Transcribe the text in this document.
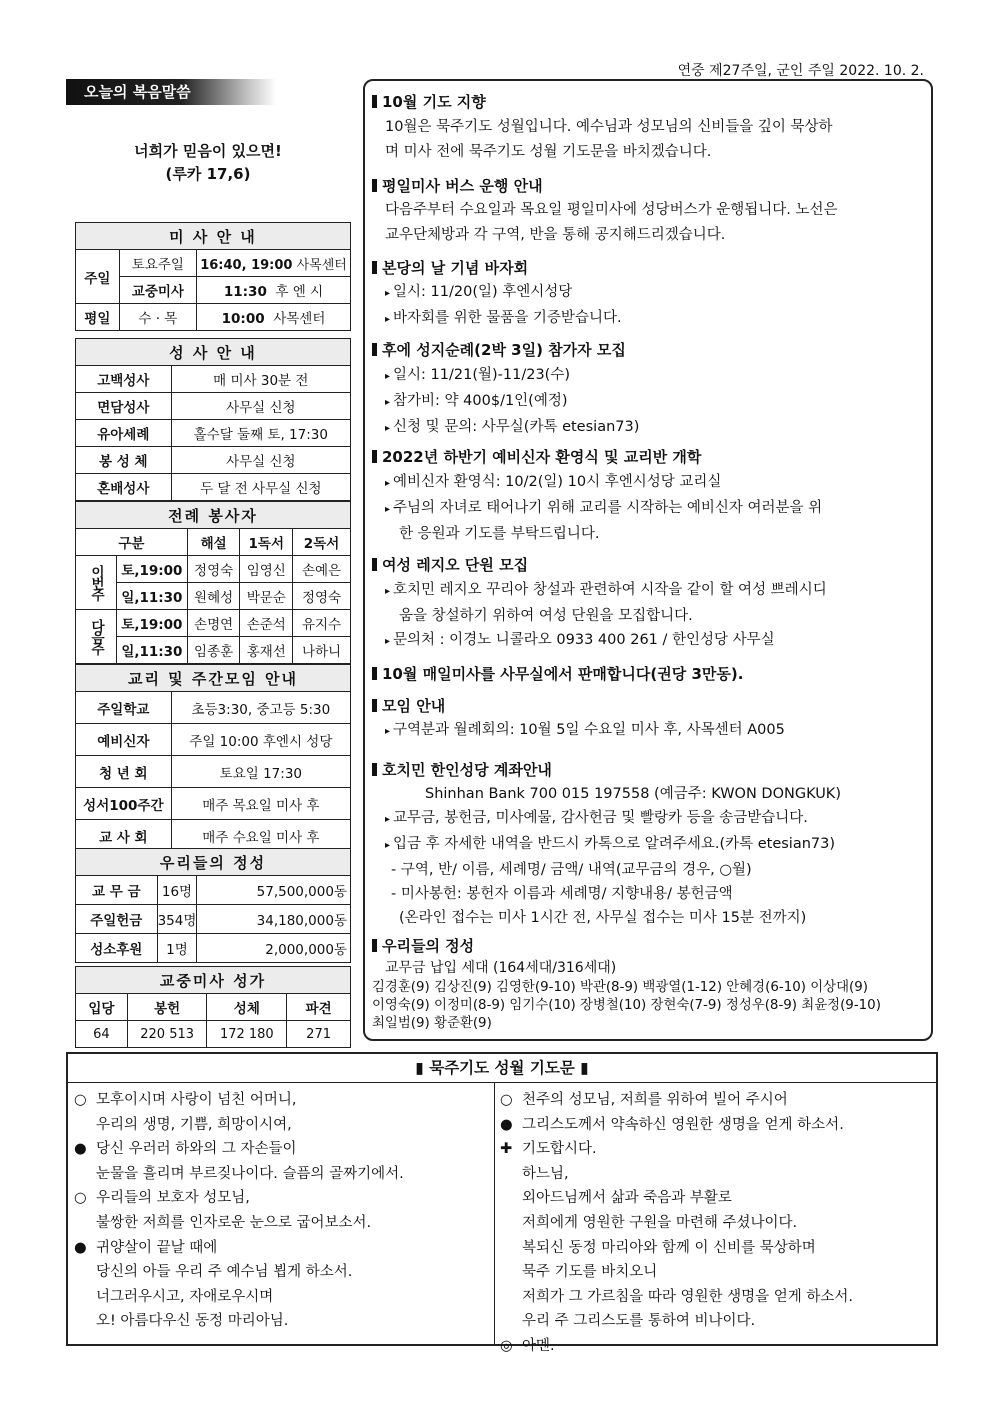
연중 제27주일, 군인 주일 2022. 10. 2.
오늘의 복음말씀
너희가 믿음이 있으면!
(루카 17,6)
미 사 안 내		
주일	토요주일	16:40, 19:00 사목센터
	교중미사	11:30 후 엔 시
평일	수 · 목	10:00 사목센터
성 사 안 내	
고백성사	매 미사 30분 전
면담성사	사무실 신청
유아세례	홀수달 둘째 토, 17:30
봉 성 체	사무실 신청
혼배성사	두 달 전 사무실 신청
전례 봉사자				
구분		해설	1독서	2독서
이번주	토,19:00	정영숙	임영신	손예은
	일,11:30	원혜성	박문순	정영숙
다음주	토,19:00	손명연	손준석	유지수
	일,11:30	임종훈	홍재선	나하니
교리 및 주간모임 안내	
주일학교	초등3:30, 중고등 5:30
예비신자	주일 10:00 후엔시 성당
청 년 회	토요일 17:30
성서100주간	매주 목요일 미사 후
교 사 회	매주 수요일 미사 후
우리들의 정성		
교 무 금	16명	57,500,000동
주일헌금	354명	34,180,000동
성소후원	1명	2,000,000동
교중미사 성가			
입당	봉헌	성체	파견
64	220 513	172 180	271
10월 기도 지향
10월은 묵주기도 성월입니다. 예수님과 성모님의 신비들을 깊이 묵상하
며 미사 전에 묵주기도 성월 기도문을 바치겠습니다.
평일미사 버스 운행 안내
다음주부터 수요일과 목요일 평일미사에 성당버스가 운행됩니다. 노선은
교우단체방과 각 구역, 반을 통해 공지해드리겠습니다.
본당의 날 기념 바자회
▸ 일시: 11/20(일) 후엔시성당
▸ 바자회를 위한 물품을 기증받습니다.
후에 성지순례(2박 3일) 참가자 모집
▸ 일시: 11/21(월)-11/23(수)
▸ 참가비: 약 400$/1인(예정)
▸ 신청 및 문의: 사무실(카톡 etesian73)
2022년 하반기 예비신자 환영식 및 교리반 개학
▸ 예비신자 환영식: 10/2(일) 10시 후엔시성당 교리실
▸ 주님의 자녀로 태어나기 위해 교리를 시작하는 예비신자 여러분을 위
한 응원과 기도를 부탁드립니다.
여성 레지오 단원 모집
▸ 호치민 레지오 꾸리아 창설과 관련하여 시작을 같이 할 여성 쁘레시디
움을 창설하기 위하여 여성 단원을 모집합니다.
▸ 문의처 : 이경노 니콜라오 0933 400 261 / 한인성당 사무실
10월 매일미사를 사무실에서 판매합니다(권당 3만동).
모임 안내
▸ 구역분과 월례회의: 10월 5일 수요일 미사 후, 사목센터 A005
호치민 한인성당 계좌안내
Shinhan Bank 700 015 197558 (예금주: KWON DONGKUK)
▸ 교무금, 봉헌금, 미사예물, 감사헌금 및 빨랑카 등을 송금받습니다.
▸ 입금 후 자세한 내역을 반드시 카톡으로 알려주세요.(카톡 etesian73)
- 구역, 반/ 이름, 세례명/ 금액/ 내역(교무금의 경우, ○월)
- 미사봉헌: 봉헌자 이름과 세례명/ 지향내용/ 봉헌금액
(온라인 접수는 미사 1시간 전, 사무실 접수는 미사 15분 전까지)
우리들의 정성
교무금 납입 세대 (164세대/316세대)
김경훈(9) 김상진(9) 김영한(9-10) 박관(8-9) 백광열(1-12) 안혜경(6-10) 이상대(9)
이영숙(9) 이정미(8-9) 임기수(10) 장병철(10) 장현숙(7-9) 정성우(8-9) 최윤정(9-10)
최일범(9) 황준환(9)
▮ 묵주기도 성월 기도문 ▮
○ 모후이시며 사랑이 넘친 어머니,
우리의 생명, 기쁨, 희망이시여,
● 당신 우러러 하와의 그 자손들이
눈물을 흘리며 부르짖나이다. 슬픔의 골짜기에서.
○ 우리들의 보호자 성모님,
불쌍한 저희를 인자로운 눈으로 굽어보소서.
● 귀양살이 끝날 때에
당신의 아들 우리 주 예수님 뵙게 하소서.
너그러우시고, 자애로우시며
오! 아름다우신 동정 마리아님.
○ 천주의 성모님, 저희를 위하여 빌어 주시어
● 그리스도께서 약속하신 영원한 생명을 얻게 하소서.
✚ 기도합시다.
하느님,
외아드님께서 삶과 죽음과 부활로
저희에게 영원한 구원을 마련해 주셨나이다.
복되신 동정 마리아와 함께 이 신비를 묵상하며
묵주 기도를 바치오니
저희가 그 가르침을 따라 영원한 생명을 얻게 하소서.
우리 주 그리스도를 통하여 비나이다.
◎ 아멘.
